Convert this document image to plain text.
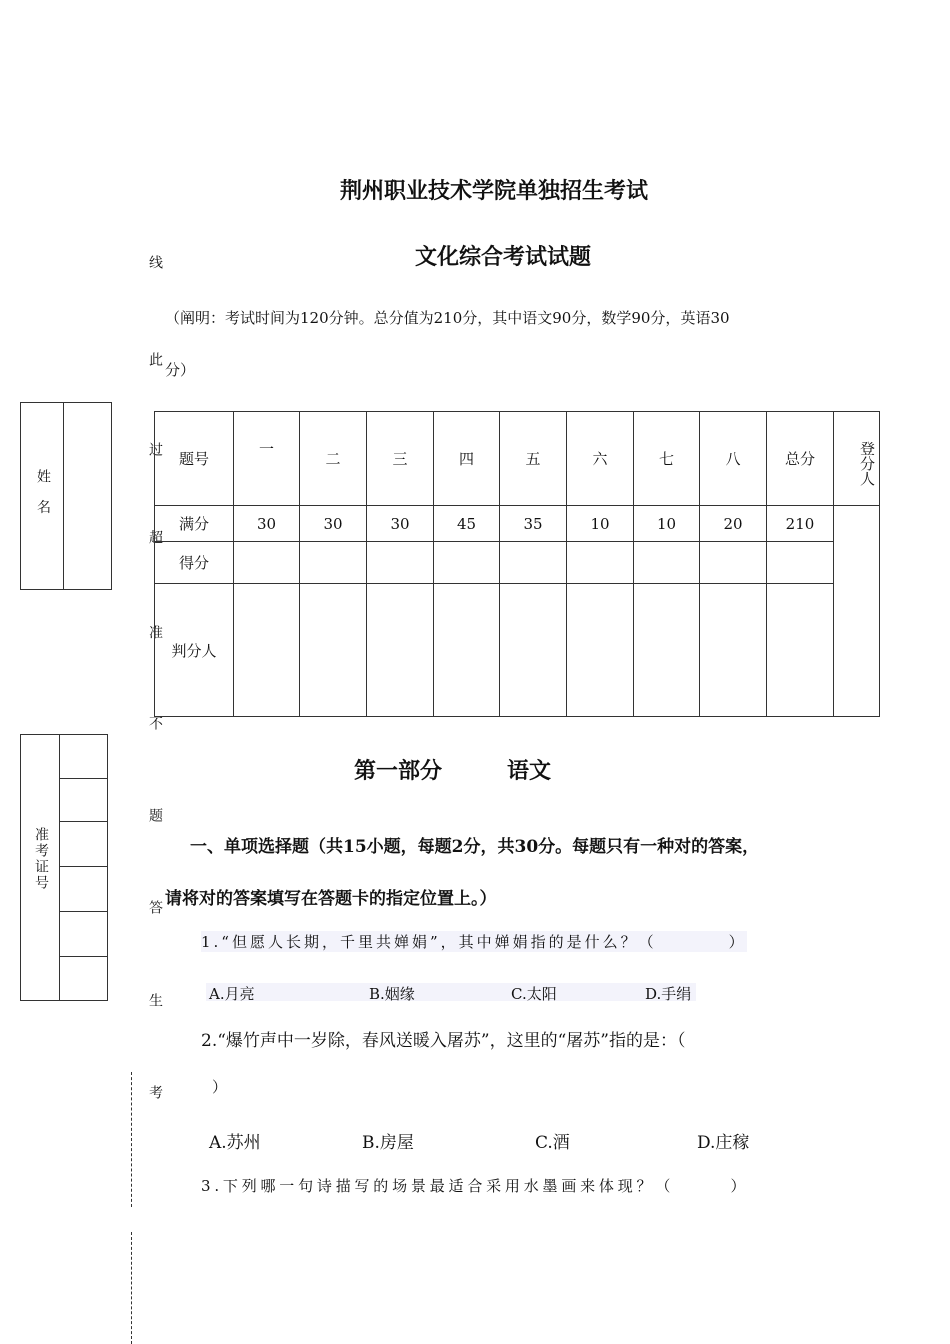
荆州职业技术学院单独招生考试
文化综合考试试题
（阐明：考试时间为120分钟。总分值为210分，其中语文90分，数学90分，英语30
分）
线
此
过
超
准
不
题
答
生
考
姓 名
准考证号
题号	一	二	三	四	五	六	七	八	总分	登分人
满分	30	30	30	45	35	10	10	20	210	
得分										
判分人										
第一部分	语文
一、单项选择题（共15小题，每题2分，共30分。每题只有一种对的答案，
请将对的答案填写在答题卡的指定位置上。）
1.“但愿人长期，千里共婵娟”，其中婵娟指的是什么？（　　　　）
A.月亮	B.姻缘	C.太阳	D.手绢
2.“爆竹声中一岁除，春风送暖入屠苏”，这里的“屠苏”指的是：（
）
A.苏州	B.房屋	C.酒	D.庄稼
3.下列哪一句诗描写的场景最适合采用水墨画来体现？（　　　）
